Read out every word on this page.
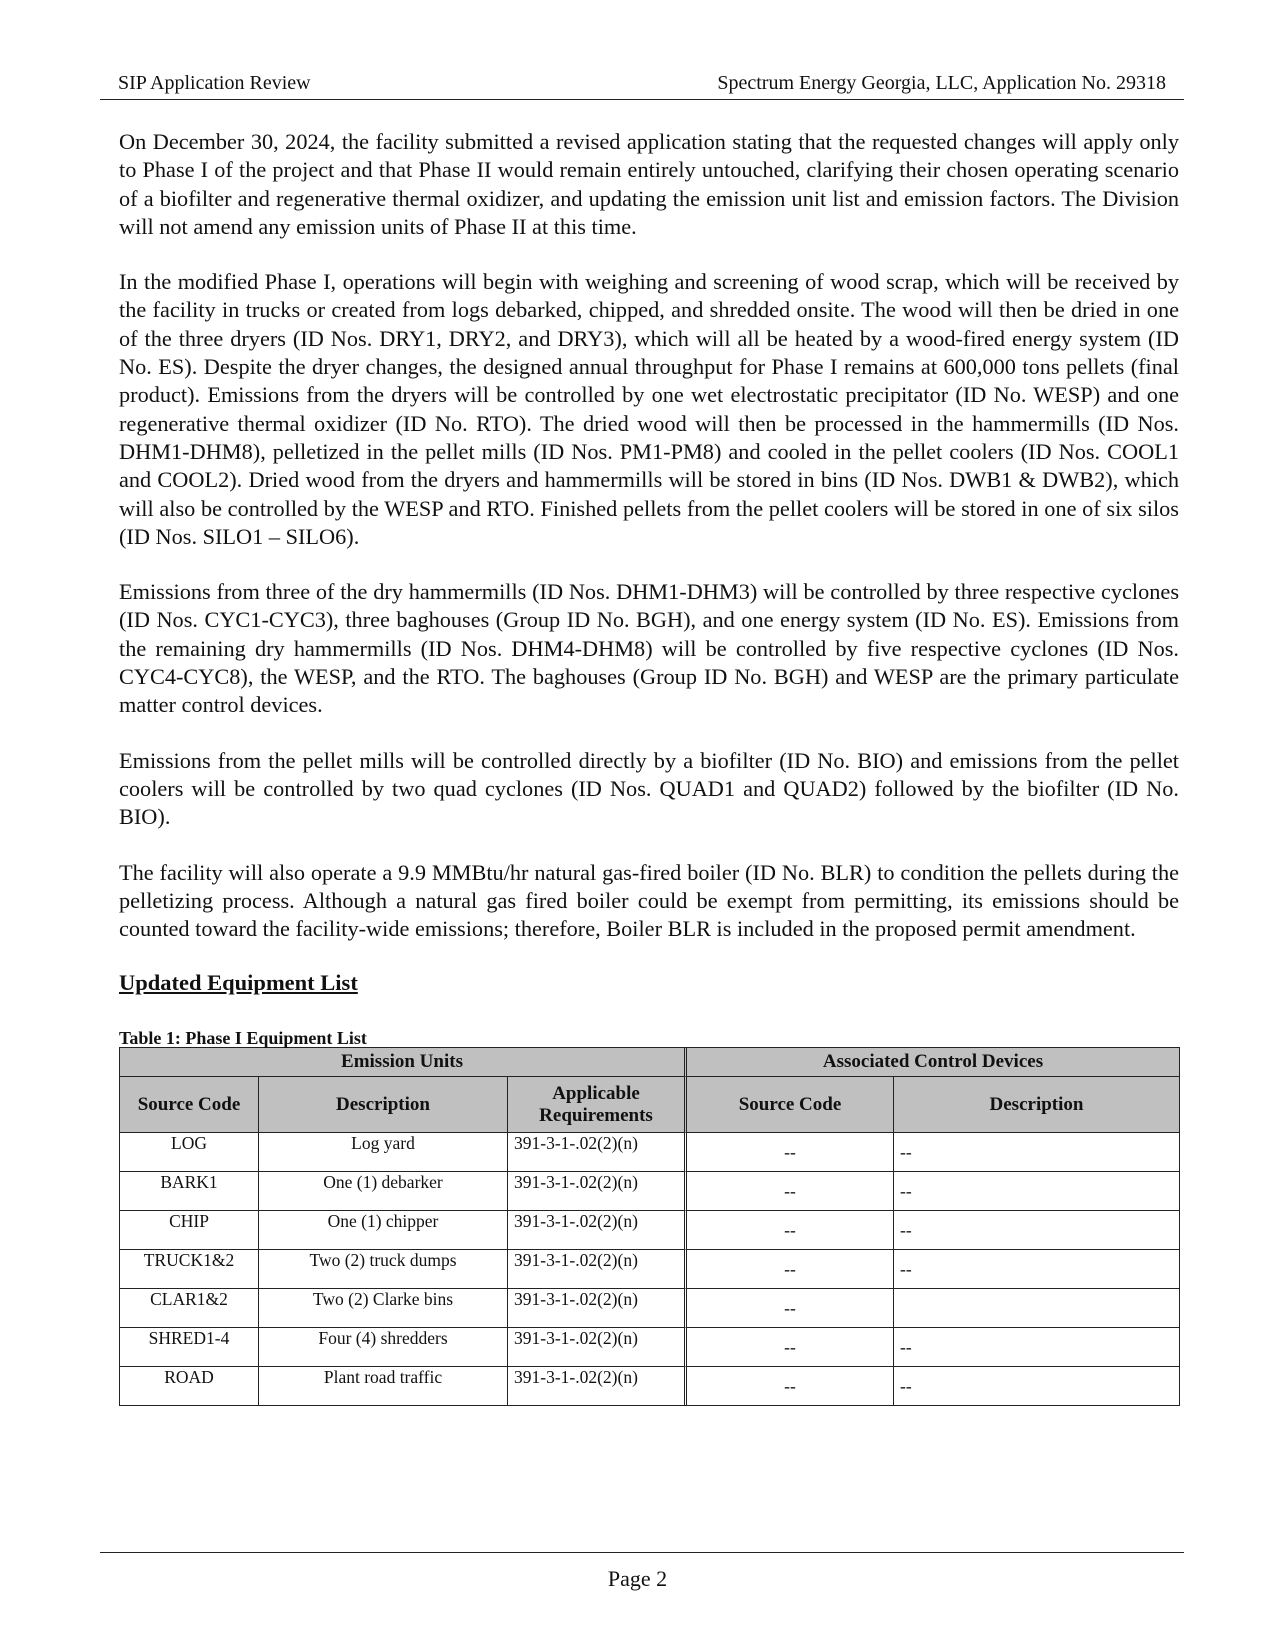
SIP Application Review	Spectrum Energy Georgia, LLC, Application No. 29318

On December 30, 2024, the facility submitted a revised application stating that the requested changes will apply only to Phase I of the project and that Phase II would remain entirely untouched, clarifying their chosen operating scenario of a biofilter and regenerative thermal oxidizer, and updating the emission unit list and emission factors. The Division will not amend any emission units of Phase II at this time.

In the modified Phase I, operations will begin with weighing and screening of wood scrap, which will be received by the facility in trucks or created from logs debarked, chipped, and shredded onsite. The wood will then be dried in one of the three dryers (ID Nos. DRY1, DRY2, and DRY3), which will all be heated by a wood-fired energy system (ID No. ES). Despite the dryer changes, the designed annual throughput for Phase I remains at 600,000 tons pellets (final product). Emissions from the dryers will be controlled by one wet electrostatic precipitator (ID No. WESP) and one regenerative thermal oxidizer (ID No. RTO). The dried wood will then be processed in the hammermills (ID Nos. DHM1-DHM8), pelletized in the pellet mills (ID Nos. PM1-PM8) and cooled in the pellet coolers (ID Nos. COOL1 and COOL2). Dried wood from the dryers and hammermills will be stored in bins (ID Nos. DWB1 & DWB2), which will also be controlled by the WESP and RTO. Finished pellets from the pellet coolers will be stored in one of six silos (ID Nos. SILO1 – SILO6).

Emissions from three of the dry hammermills (ID Nos. DHM1-DHM3) will be controlled by three respective cyclones (ID Nos. CYC1-CYC3), three baghouses (Group ID No. BGH), and one energy system (ID No. ES). Emissions from the remaining dry hammermills (ID Nos. DHM4-DHM8) will be controlled by five respective cyclones (ID Nos. CYC4-CYC8), the WESP, and the RTO. The baghouses (Group ID No. BGH) and WESP are the primary particulate matter control devices.

Emissions from the pellet mills will be controlled directly by a biofilter (ID No. BIO) and emissions from the pellet coolers will be controlled by two quad cyclones (ID Nos. QUAD1 and QUAD2) followed by the biofilter (ID No. BIO).

The facility will also operate a 9.9 MMBtu/hr natural gas-fired boiler (ID No. BLR) to condition the pellets during the pelletizing process. Although a natural gas fired boiler could be exempt from permitting, its emissions should be counted toward the facility-wide emissions; therefore, Boiler BLR is included in the proposed permit amendment.

Updated Equipment List
Table 1: Phase I Equipment List
Emission Units			Associated Control Devices	
Source Code	Description	Applicable Requirements	Source Code	Description
LOG	Log yard	391-3-1-.02(2)(n)	--	--
BARK1	One (1) debarker	391-3-1-.02(2)(n)	--	--
CHIP	One (1) chipper	391-3-1-.02(2)(n)	--	--
TRUCK1&2	Two (2) truck dumps	391-3-1-.02(2)(n)	--	--
CLAR1&2	Two (2) Clarke bins	391-3-1-.02(2)(n)	--	
SHRED1-4	Four (4) shredders	391-3-1-.02(2)(n)	--	--
ROAD	Plant road traffic	391-3-1-.02(2)(n)	--	--
Page 2
